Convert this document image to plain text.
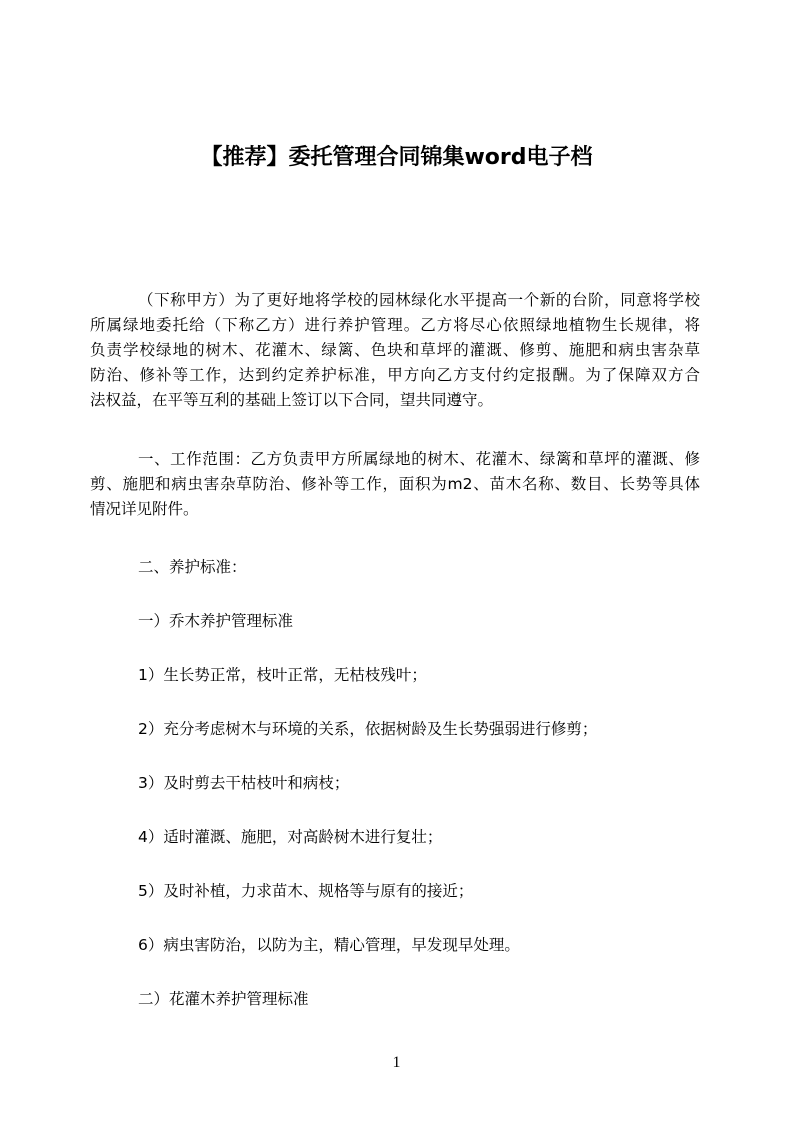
【推荐】委托管理合同锦集word电子档
（下称甲方）为了更好地将学校的园林绿化水平提高一个新的台阶，同意将学校
所属绿地委托给（下称乙方）进行养护管理。乙方将尽心依照绿地植物生长规律，将
负责学校绿地的树木、花灌木、绿篱、色块和草坪的灌溉、修剪、施肥和病虫害杂草
防治、修补等工作，达到约定养护标准，甲方向乙方支付约定报酬。为了保障双方合
法权益，在平等互利的基础上签订以下合同，望共同遵守。
一、工作范围：乙方负责甲方所属绿地的树木、花灌木、绿篱和草坪的灌溉、修
剪、施肥和病虫害杂草防治、修补等工作，面积为m2、苗木名称、数目、长势等具体
情况详见附件。
二、养护标准：
一）乔木养护管理标准
1）生长势正常，枝叶正常，无枯枝残叶；
2）充分考虑树木与环境的关系，依据树龄及生长势强弱进行修剪；
3）及时剪去干枯枝叶和病枝；
4）适时灌溉、施肥，对高龄树木进行复壮；
5）及时补植，力求苗木、规格等与原有的接近；
6）病虫害防治，以防为主，精心管理，早发现早处理。
二）花灌木养护管理标准
1
